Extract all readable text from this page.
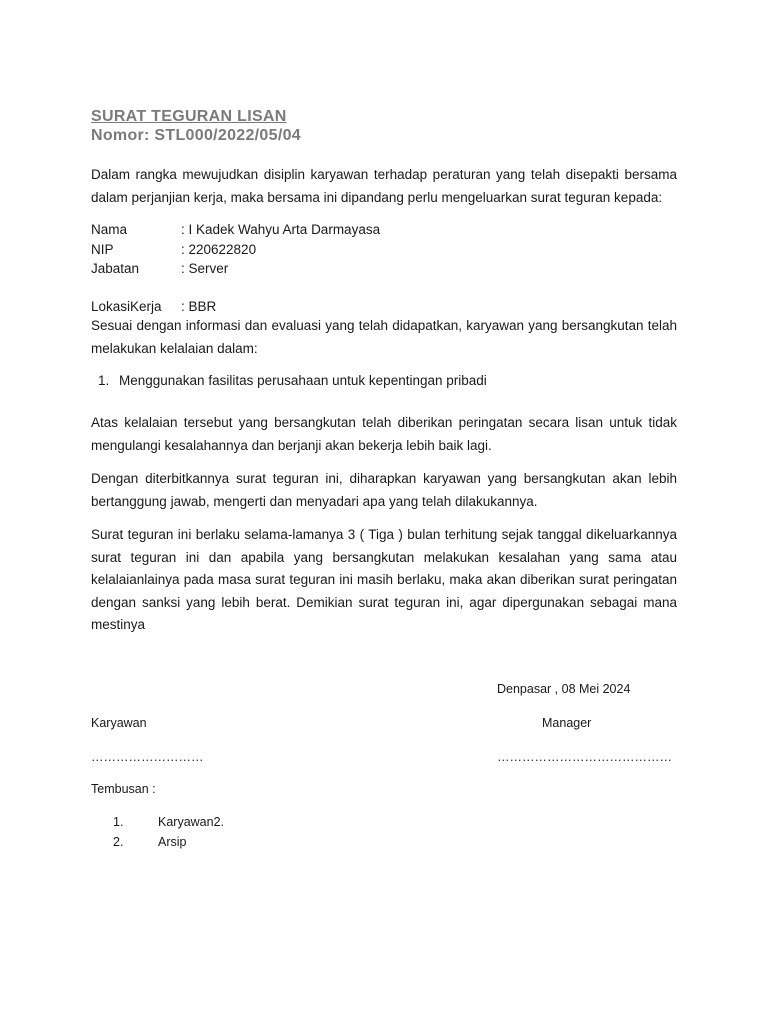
SURAT TEGURAN LISAN
Nomor: STL000/2022/05/04
Dalam rangka mewujudkan disiplin karyawan terhadap peraturan yang telah disepakti bersama dalam perjanjian kerja, maka bersama ini dipandang perlu mengeluarkan surat teguran kepada:
Nama	: I Kadek Wahyu Arta Darmayasa
NIP	: 220622820
Jabatan	: Server
LokasiKerja : BBR
Sesuai dengan informasi dan evaluasi yang telah didapatkan, karyawan yang bersangkutan telah melakukan kelalaian dalam:
1. Menggunakan fasilitas perusahaan untuk kepentingan pribadi
Atas kelalaian tersebut yang bersangkutan telah diberikan peringatan secara lisan untuk tidak mengulangi kesalahannya dan berjanji akan bekerja lebih baik lagi.
Dengan diterbitkannya surat teguran ini, diharapkan karyawan yang bersangkutan akan lebih bertanggung jawab, mengerti dan menyadari apa yang telah dilakukannya.
Surat teguran ini berlaku selama-lamanya 3 ( Tiga ) bulan terhitung sejak tanggal dikeluarkannya surat teguran ini dan apabila yang bersangkutan melakukan kesalahan yang sama atau kelalaianlainya pada masa surat teguran ini masih berlaku, maka akan diberikan surat peringatan dengan sanksi yang lebih berat. Demikian surat teguran ini, agar dipergunakan sebagai mana mestinya
Denpasar , 08 Mei 2024
Karyawan	Manager
………………………	……………………………………
Tembusan :
1.	Karyawan2.
2.	Arsip
